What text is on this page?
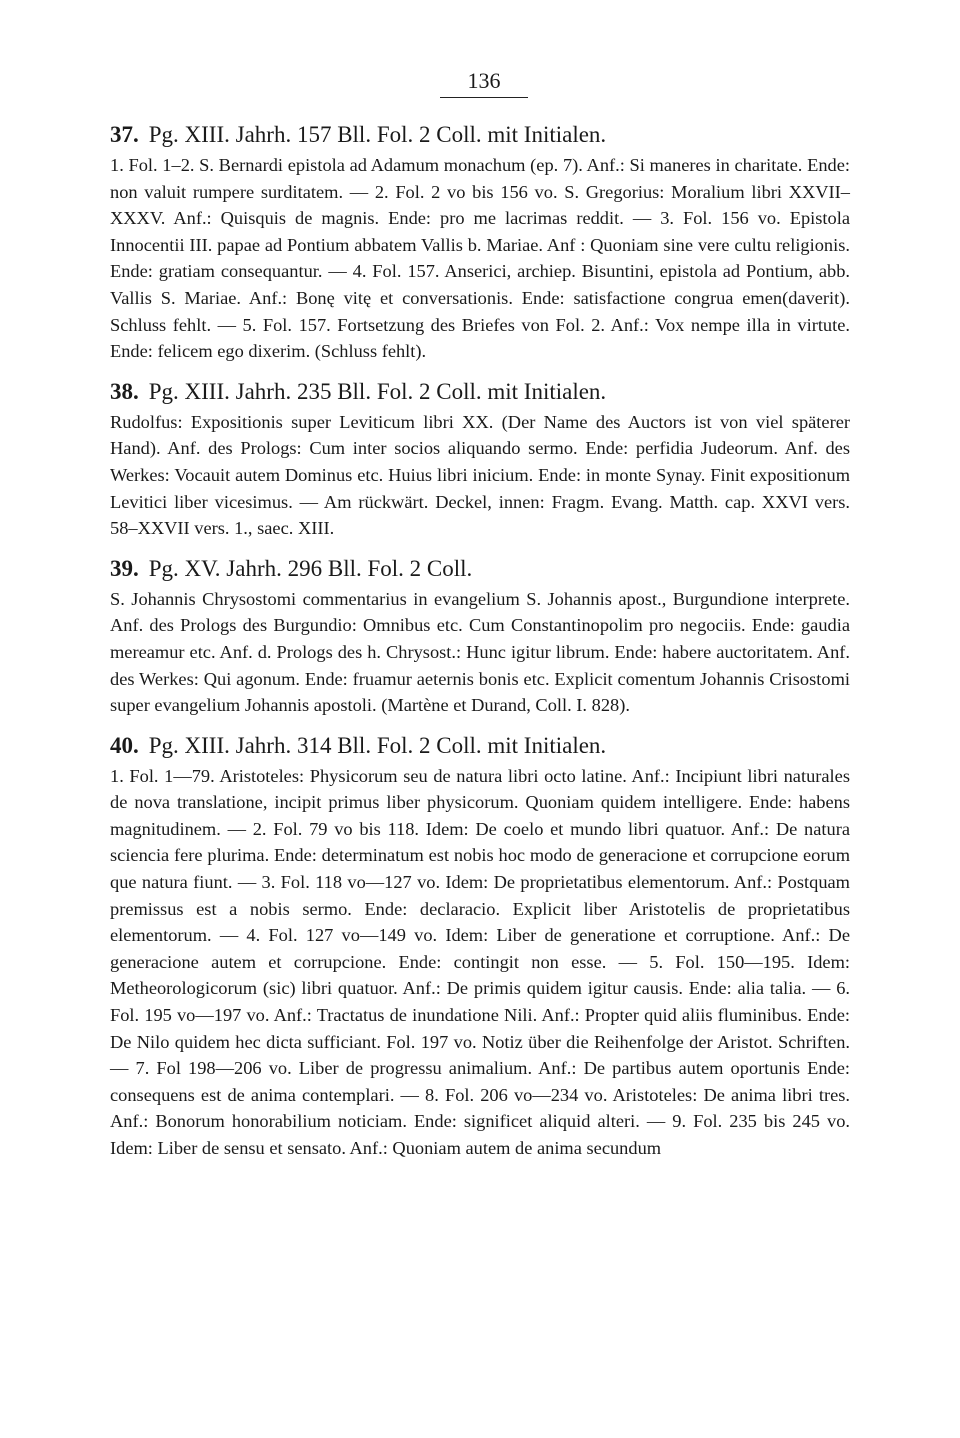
136
37. Pg. XIII. Jahrh. 157 Bll. Fol. 2 Coll. mit Initialen.
1. Fol. 1–2. S. Bernardi epistola ad Adamum monachum (ep. 7). Anf.: Si maneres in charitate. Ende: non valuit rumpere surditatem. — 2. Fol. 2 vo bis 156 vo. S. Gregorius: Moralium libri XXVII–XXXV. Anf.: Quisquis de magnis. Ende: pro me lacrimas reddit. — 3. Fol. 156 vo. Epistola Innocentii III. papae ad Pontium abbatem Vallis b. Mariae. Anf : Quoniam sine vere cultu religionis. Ende: gratiam consequantur. — 4. Fol. 157. Anserici, archiep. Bisuntini, epistola ad Pontium, abb. Vallis S. Mariae. Anf.: Bonę vitę et conversationis. Ende: satisfactione congrua emen(daverit). Schluss fehlt. — 5. Fol. 157. Fortsetzung des Briefes von Fol. 2. Anf.: Vox nempe illa in virtute. Ende: felicem ego dixerim. (Schluss fehlt).
38. Pg. XIII. Jahrh. 235 Bll. Fol. 2 Coll. mit Initialen.
Rudolfus: Expositionis super Leviticum libri XX. (Der Name des Auctors ist von viel späterer Hand). Anf. des Prologs: Cum inter socios aliquando sermo. Ende: perfidia Judeorum. Anf. des Werkes: Vocauit autem Dominus etc. Huius libri inicium. Ende: in monte Synay. Finit expositionum Levitici liber vicesimus. — Am rückwärt. Deckel, innen: Fragm. Evang. Matth. cap. XXVI vers. 58–XXVII vers. 1., saec. XIII.
39. Pg. XV. Jahrh. 296 Bll. Fol. 2 Coll.
S. Johannis Chrysostomi commentarius in evangelium S. Johannis apost., Burgundione interprete. Anf. des Prologs des Burgundio: Omnibus etc. Cum Constantinopolim pro negociis. Ende: gaudia mereamur etc. Anf. d. Prologs des h. Chrysost.: Hunc igitur librum. Ende: habere auctoritatem. Anf. des Werkes: Qui agonum. Ende: fruamur aeternis bonis etc. Explicit comentum Johannis Crisostomi super evangelium Johannis apostoli. (Martène et Durand, Coll. I. 828).
40. Pg. XIII. Jahrh. 314 Bll. Fol. 2 Coll. mit Initialen.
1. Fol. 1—79. Aristoteles: Physicorum seu de natura libri octo latine. Anf.: Incipiunt libri naturales de nova translatione, incipit primus liber physicorum. Quoniam quidem intelligere. Ende: habens magnitudinem. — 2. Fol. 79 vo bis 118. Idem: De coelo et mundo libri quatuor. Anf.: De natura sciencia fere plurima. Ende: determinatum est nobis hoc modo de generacione et corrupcione eorum que natura fiunt. — 3. Fol. 118 vo—127 vo. Idem: De proprietatibus elementorum. Anf.: Postquam premissus est a nobis sermo. Ende: declaracio. Explicit liber Aristotelis de proprietatibus elementorum. — 4. Fol. 127 vo—149 vo. Idem: Liber de generatione et corruptione. Anf.: De generacione autem et corrupcione. Ende: contingit non esse. — 5. Fol. 150—195. Idem: Metheorologicorum (sic) libri quatuor. Anf.: De primis quidem igitur causis. Ende: alia talia. — 6. Fol. 195 vo—197 vo. Anf.: Tractatus de inundatione Nili. Anf.: Propter quid aliis fluminibus. Ende: De Nilo quidem hec dicta sufficiant. Fol. 197 vo. Notiz über die Reihenfolge der Aristot. Schriften. — 7. Fol 198—206 vo. Liber de progressu animalium. Anf.: De partibus autem oportunis Ende: consequens est de anima contemplari. — 8. Fol. 206 vo—234 vo. Aristoteles: De anima libri tres. Anf.: Bonorum honorabilium noticiam. Ende: significet aliquid alteri. — 9. Fol. 235 bis 245 vo. Idem: Liber de sensu et sensato. Anf.: Quoniam autem de anima secundum
